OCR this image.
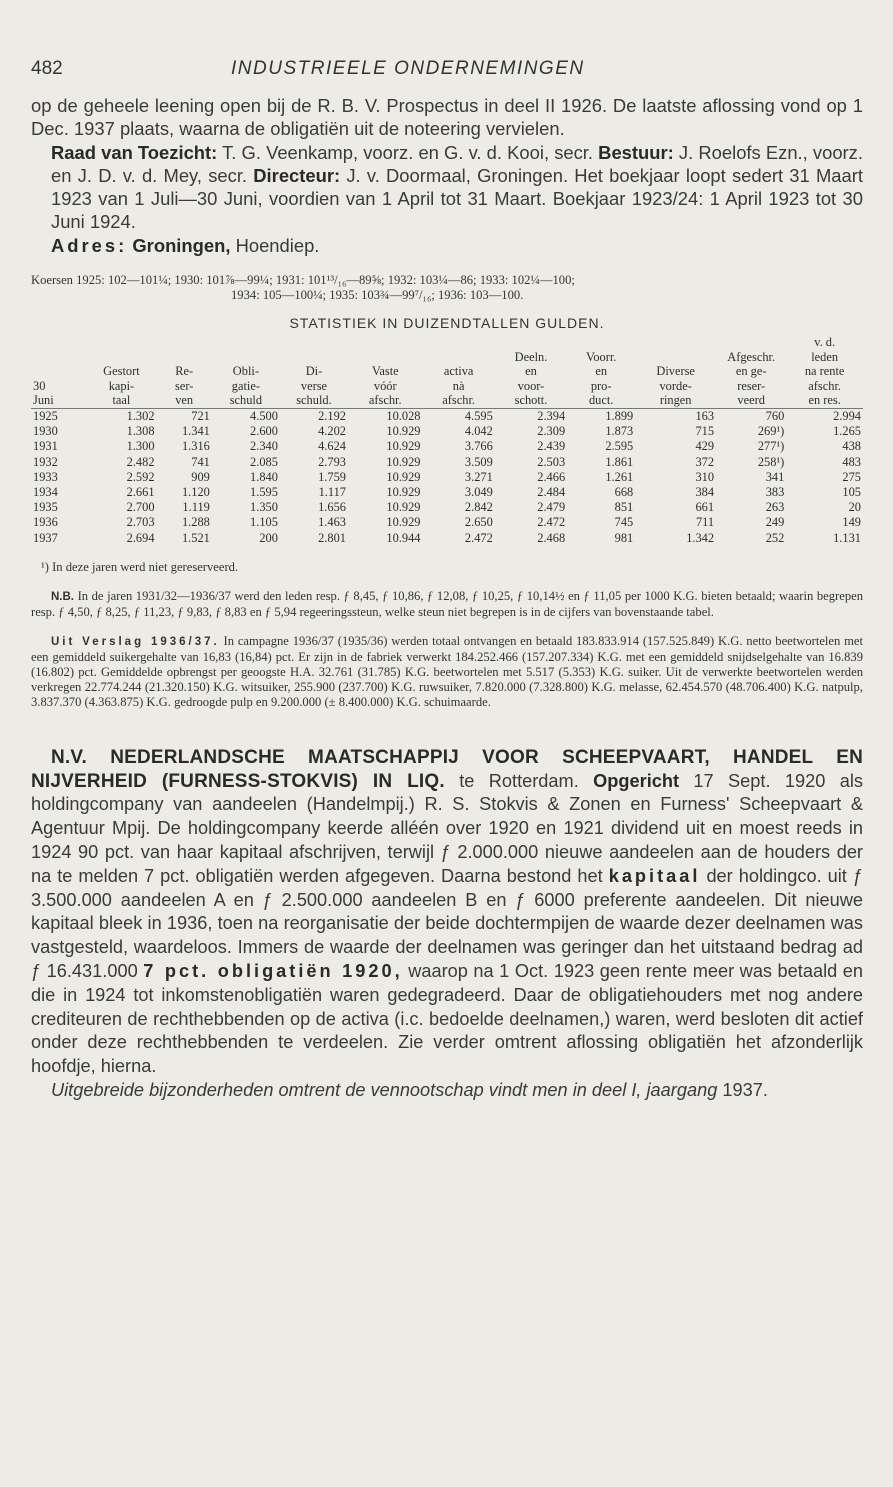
482	INDUSTRIEELE ONDERNEMINGEN

op de geheele leening open bij de R. B. V. Prospectus in deel II 1926. De laatste aflossing vond op 1 Dec. 1937 plaats, waarna de obligatiën uit de noteering vervielen.

Raad van Toezicht: T. G. Veenkamp, voorz. en G. v. d. Kooi, secr. Bestuur: J. Roelofs Ezn., voorz. en J. D. v. d. Mey, secr. Directeur: J. v. Doormaal, Groningen. Het boekjaar loopt sedert 31 Maart 1923 van 1 Juli—30 Juni, voordien van 1 April tot 31 Maart. Boekjaar 1923/24: 1 April 1923 tot 30 Juni 1924.

Adres: Groningen, Hoendiep.

Koersen 1925: 102—101¼; 1930: 101⅞—99¼; 1931: 101¹³/₁₆—89⅝; 1932: 103¼—86; 1933: 102¼—100;

1934: 105—100¼; 1935: 103¾—99⁷/₁₆; 1936: 103—100.

STATISTIEK IN DUIZENDTALLEN GULDEN.
											v. d.
							Deeln.	Voorr.		Afgeschr.	leden
	Gestort	Re-	Obli-	Di-	Vaste	activa	en	en	Diverse	en ge-	na rente
30	kapi-	ser-	gatie-	verse	vóór	nà	voor-	pro-	vorde-	reser-	afschr.
Juni	taal	ven	schuld	schuld.	afschr.	afschr.	schott.	duct.	ringen	veerd	en res.
1925	1.302	721	4.500	2.192	10.028	4.595	2.394	1.899	163	760	2.994
1930	1.308	1.341	2.600	4.202	10.929	4.042	2.309	1.873	715	269¹)	1.265
1931	1.300	1.316	2.340	4.624	10.929	3.766	2.439	2.595	429	277¹)	438
1932	2.482	741	2.085	2.793	10.929	3.509	2.503	1.861	372	258¹)	483
1933	2.592	909	1.840	1.759	10.929	3.271	2.466	1.261	310	341	275
1934	2.661	1.120	1.595	1.117	10.929	3.049	2.484	668	384	383	105
1935	2.700	1.119	1.350	1.656	10.929	2.842	2.479	851	661	263	20
1936	2.703	1.288	1.105	1.463	10.929	2.650	2.472	745	711	249	149
1937	2.694	1.521	200	2.801	10.944	2.472	2.468	981	1.342	252	1.131

¹) In deze jaren werd niet gereserveerd.

N.B. In de jaren 1931/32—1936/37 werd den leden resp. ƒ 8,45, ƒ 10,86, ƒ 12,08, ƒ 10,25, ƒ 10,14½ en ƒ 11,05 per 1000 K.G. bieten betaald; waarin begrepen resp. ƒ 4,50, ƒ 8,25, ƒ 11,23, ƒ 9,83, ƒ 8,83 en ƒ 5,94 regeeringssteun, welke steun niet begrepen is in de cijfers van bovenstaande tabel.

Uit Verslag 1936/37. In campagne 1936/37 (1935/36) werden totaal ontvangen en betaald 183.833.914 (157.525.849) K.G. netto beetwortelen met een gemiddeld suikergehalte van 16,83 (16,84) pct. Er zijn in de fabriek verwerkt 184.252.466 (157.207.334) K.G. met een gemiddeld snijdselgehalte van 16.839 (16.802) pct. Gemiddelde opbrengst per geoogste H.A. 32.761 (31.785) K.G. beetwortelen met 5.517 (5.353) K.G. suiker. Uit de verwerkte beetwortelen werden verkregen 22.774.244 (21.320.150) K.G. witsuiker, 255.900 (237.700) K.G. ruwsuiker, 7.820.000 (7.328.800) K.G. melasse, 62.454.570 (48.706.400) K.G. natpulp, 3.837.370 (4.363.875) K.G. gedroogde pulp en 9.200.000 (± 8.400.000) K.G. schuimaarde.

N.V. NEDERLANDSCHE MAATSCHAPPIJ VOOR SCHEEPVAART, HANDEL EN NIJVERHEID (FURNESS-STOKVIS) IN LIQ. te Rotterdam. Opgericht 17 Sept. 1920 als holdingcompany van aandeelen (Handelmpij.) R. S. Stokvis & Zonen en Furness' Scheepvaart & Agentuur Mpij. De holdingcompany keerde alléén over 1920 en 1921 dividend uit en moest reeds in 1924 90 pct. van haar kapitaal afschrijven, terwijl ƒ 2.000.000 nieuwe aandeelen aan de houders der na te melden 7 pct. obligatiën werden afgegeven. Daarna bestond het kapitaal der holdingco. uit ƒ 3.500.000 aandeelen A en ƒ 2.500.000 aandeelen B en ƒ 6000 preferente aandeelen. Dit nieuwe kapitaal bleek in 1936, toen na reorganisatie der beide dochtermpijen de waarde dezer deelnamen was vastgesteld, waardeloos. Immers de waarde der deelnamen was geringer dan het uitstaand bedrag ad ƒ 16.431.000 7 pct. obligatiën 1920, waarop na 1 Oct. 1923 geen rente meer was betaald en die in 1924 tot inkomstenobligatiën waren gedegradeerd. Daar de obligatiehouders met nog andere crediteuren de rechthebbenden op de activa (i.c. bedoelde deelnamen,) waren, werd besloten dit actief onder deze rechthebbenden te verdeelen. Zie verder omtrent aflossing obligatiën het afzonderlijk hoofdje, hierna.

Uitgebreide bijzonderheden omtrent de vennootschap vindt men in deel I, jaargang 1937.
